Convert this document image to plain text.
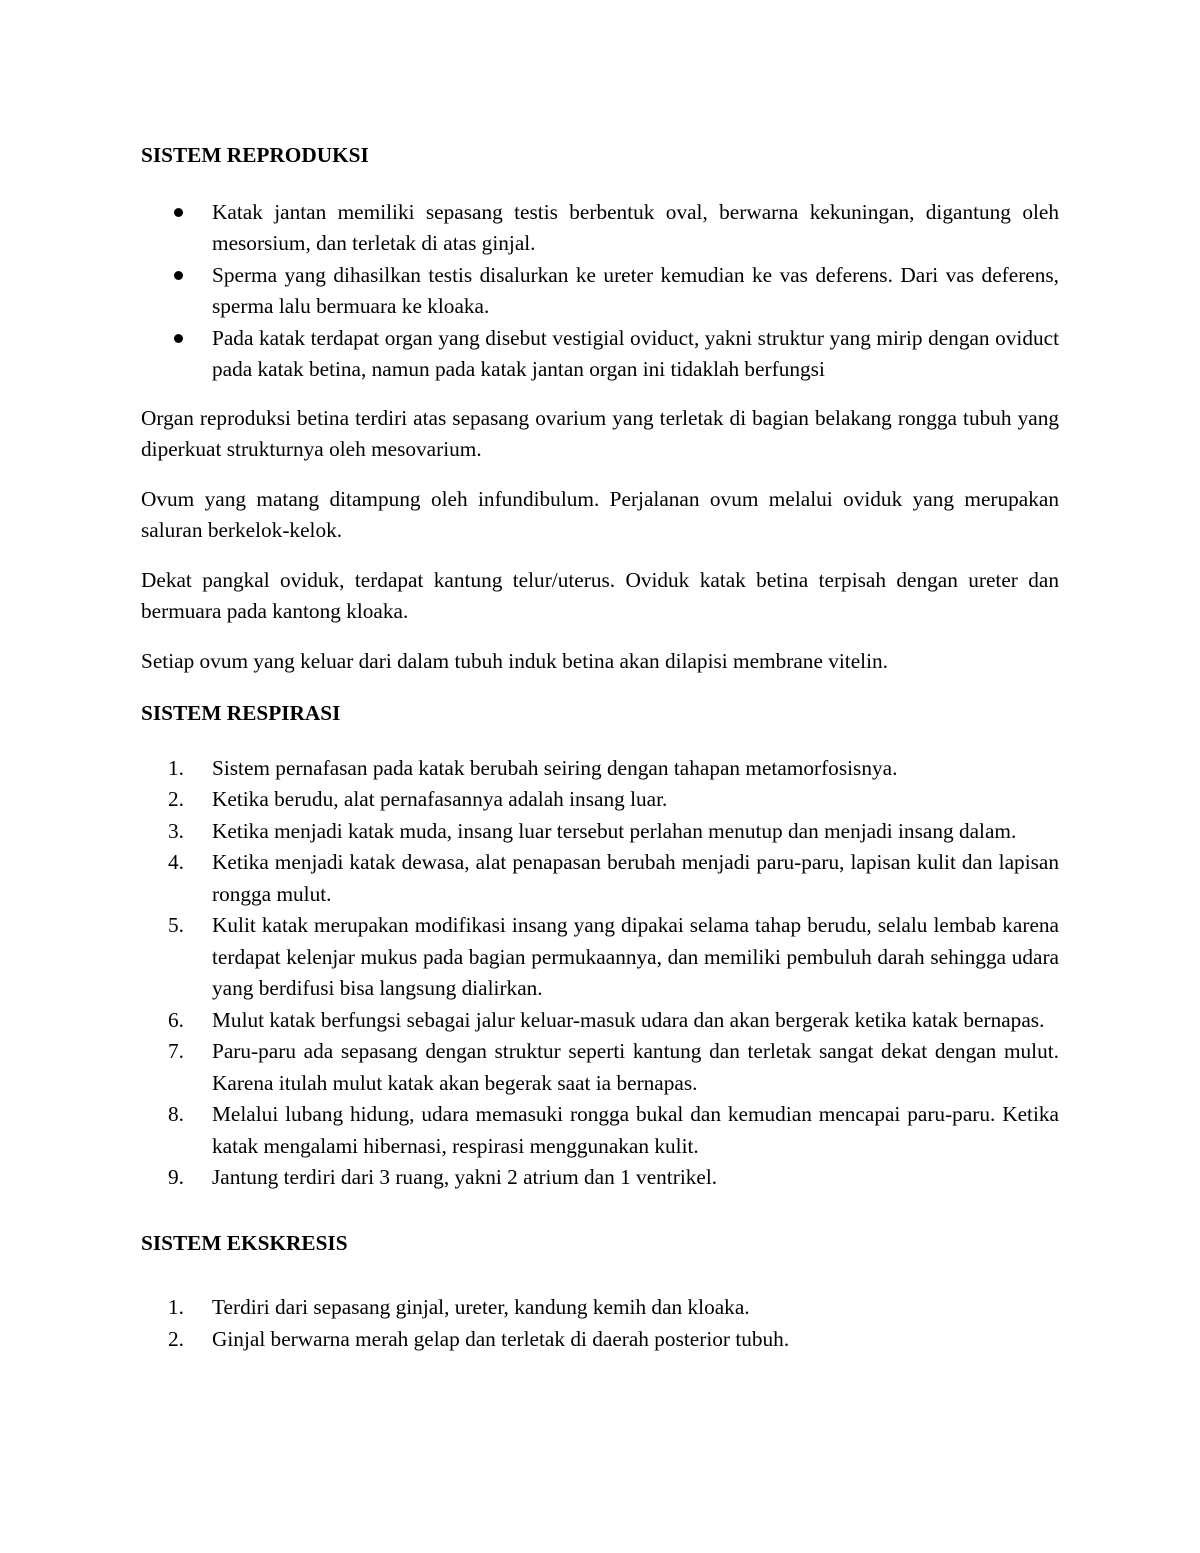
SISTEM REPRODUKSI
Katak jantan memiliki sepasang testis berbentuk oval, berwarna kekuningan, digantung oleh mesorsium, dan terletak di atas ginjal.
Sperma yang dihasilkan testis disalurkan ke ureter kemudian ke vas deferens. Dari vas deferens, sperma lalu bermuara ke kloaka.
Pada katak terdapat organ yang disebut vestigial oviduct, yakni struktur yang mirip dengan oviduct pada katak betina, namun pada katak jantan organ ini tidaklah berfungsi

Organ reproduksi betina terdiri atas sepasang ovarium yang terletak di bagian belakang rongga tubuh yang diperkuat strukturnya oleh mesovarium.

Ovum yang matang ditampung oleh infundibulum. Perjalanan ovum melalui oviduk yang merupakan saluran berkelok-kelok.

Dekat pangkal oviduk, terdapat kantung telur/uterus. Oviduk katak betina terpisah dengan ureter dan bermuara pada kantong kloaka.

Setiap ovum yang keluar dari dalam tubuh induk betina akan dilapisi membrane vitelin.

SISTEM RESPIRASI
1. Sistem pernafasan pada katak berubah seiring dengan tahapan metamorfosisnya.
2. Ketika berudu, alat pernafasannya adalah insang luar.
3. Ketika menjadi katak muda, insang luar tersebut perlahan menutup dan menjadi insang dalam.
4. Ketika menjadi katak dewasa, alat penapasan berubah menjadi paru-paru, lapisan kulit dan lapisan rongga mulut.
5. Kulit katak merupakan modifikasi insang yang dipakai selama tahap berudu, selalu lembab karena terdapat kelenjar mukus pada bagian permukaannya, dan memiliki pembuluh darah sehingga udara yang berdifusi bisa langsung dialirkan.
6. Mulut katak berfungsi sebagai jalur keluar-masuk udara dan akan bergerak ketika katak bernapas.
7. Paru-paru ada sepasang dengan struktur seperti kantung dan terletak sangat dekat dengan mulut. Karena itulah mulut katak akan begerak saat ia bernapas.
8. Melalui lubang hidung, udara memasuki rongga bukal dan kemudian mencapai paru-paru. Ketika katak mengalami hibernasi, respirasi menggunakan kulit.
9. Jantung terdiri dari 3 ruang, yakni 2 atrium dan 1 ventrikel.
SISTEM EKSKRESIS
1. Terdiri dari sepasang ginjal, ureter, kandung kemih dan kloaka.
2. Ginjal berwarna merah gelap dan terletak di daerah posterior tubuh.
